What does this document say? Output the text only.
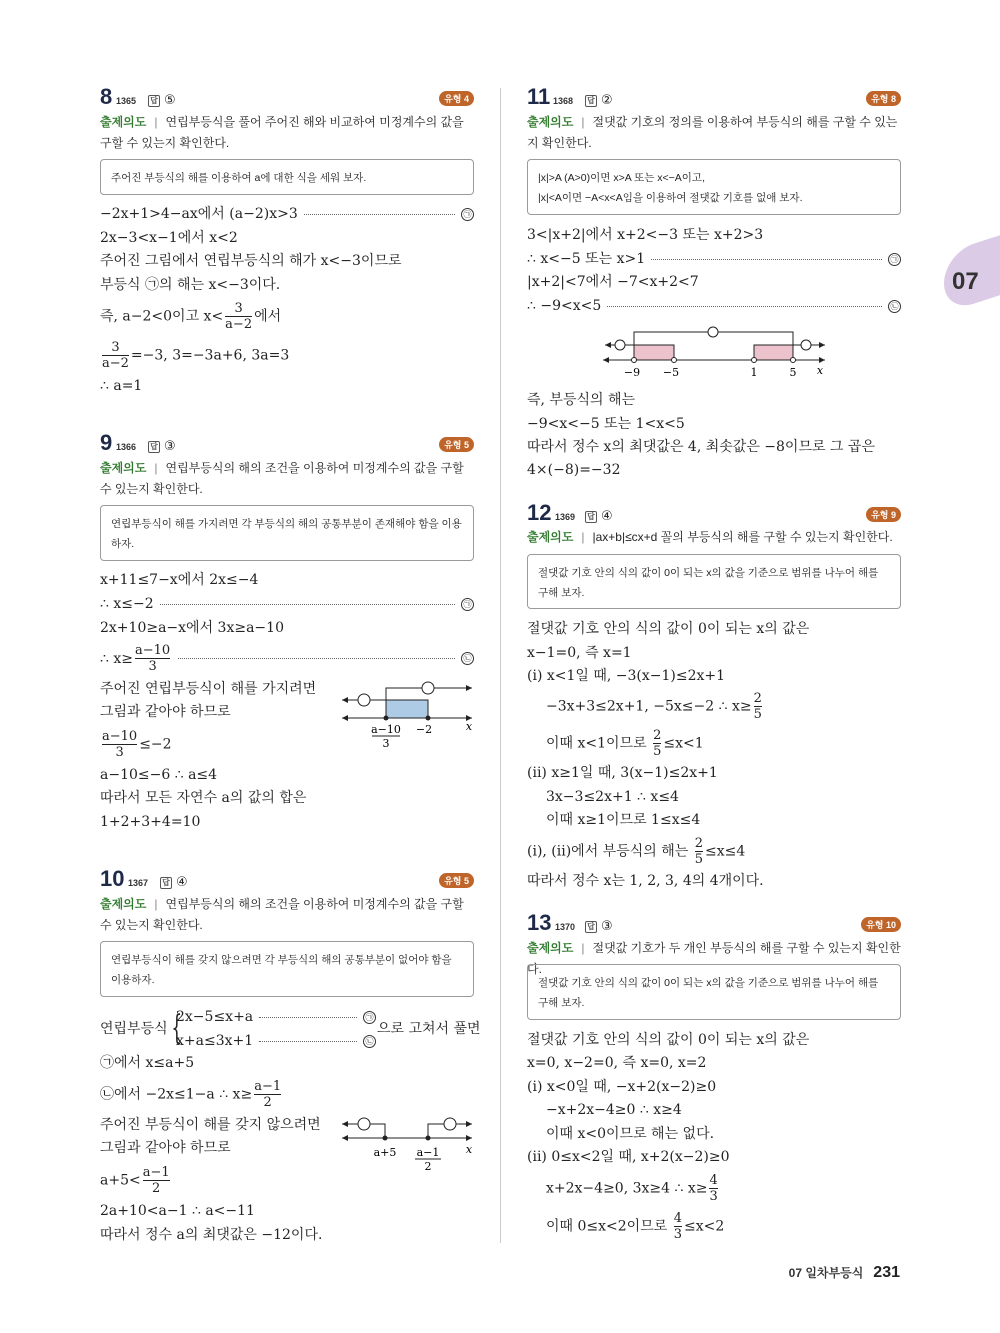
07
8 1365 답 ⑤	유형 4
출제의도 | 연립부등식을 풀어 주어진 해와 비교하여 미정계수의 값을 구할 수 있는지 확인한다.
주어진 부등식의 해를 이용하여 a에 대한 식을 세워 보자.
−2x+1>4−ax에서 (a−2)x>3	㉠
2x−3<x−1에서 x<2
주어진 그림에서 연립부등식의 해가 x<−3이므로
부등식 ㉠의 해는 x<−3이다.
즉, a−2<0이고 $x< \frac{3}{a-2}$ 에서
$\frac{3}{a-2} =-3$, 3=−3a+6, 3a=3
∴ a=1
9 1366 답 ③	유형 5
출제의도 | 연립부등식의 해의 조건을 이용하여 미정계수의 값을 구할 수 있는지 확인한다.
연립부등식이 해를 가지려면 각 부등식의 해의 공통부분이 존재해야 함을 이용하자.
x+11≤7−x에서 2x≤−4
∴ x≤−2	㉠
2x+10≥a−x에서 3x≥a−10
∴ $x\ge \frac{a-10}{3}$	㉡
주어진 연립부등식이 해를 가지려면
그림과 같아야 하므로
$\frac{a-10}{3} \le-2$
a−10≤−6 ∴ a≤4
따라서 모든 자연수 a의 값의 합은
1+2+3+4=10
a−10
3
−2	x
10 1367 답 ④	유형 5
출제의도 | 연립부등식의 해의 조건을 이용하여 미정계수의 값을 구할 수 있는지 확인한다.
연립부등식이 해를 갖지 않으려면 각 부등식의 해의 공통부분이 없어야 함을 이용하자.
연립부등식 {
2x−5≤x+a	㉠
x+a≤3x+1	㉡
으로 고쳐서 풀면
㉠에서 x≤a+5
㉡에서 −2x≤1−a ∴ $x\ge \frac{a-1}{2}$
주어진 부등식이 해를 갖지 않으려면
그림과 같아야 하므로
$a+5< \frac{a-1}{2}$
2a+10<a−1 ∴ a<−11
따라서 정수 a의 최댓값은 −12이다.
a+5 a−1
2
x
11 1368 답 ②	유형 8
출제의도 | 절댓값 기호의 정의를 이용하여 부등식의 해를 구할 수 있는지 확인한다.
|x|>A (A>0)이면 x>A 또는 x<−A이고,
|x|<A이면 −A<x<A임을 이용하여 절댓값 기호를 없애 보자.
3<|x+2|에서 x+2<−3 또는 x+2>3
∴ x<−5 또는 x>1	㉠
|x+2|<7에서 −7<x+2<7
∴ −9<x<5	㉡
−9 −5	1	5 x
즉, 부등식의 해는
−9<x<−5 또는 1<x<5
따라서 정수 x의 최댓값은 4, 최솟값은 −8이므로 그 곱은
4×(−8)=−32
12 1369 답 ④	유형 9
출제의도 | |ax+b|≤cx+d 꼴의 부등식의 해를 구할 수 있는지 확인한다.
절댓값 기호 안의 식의 값이 0이 되는 x의 값을 기준으로 범위를 나누어 해를 구해 보자.
절댓값 기호 안의 식의 값이 0이 되는 x의 값은
x−1=0, 즉 x=1
(i) x<1일 때, −3(x−1)≤2x+1
−3x+3≤2x+1, −5x≤−2 ∴ $x\ge \frac{2}{5}$
이때 x<1이므로 $\frac{2}{5} \le x<1$
(ii) x≥1일 때, 3(x−1)≤2x+1
3x−3≤2x+1 ∴ x≤4
이때 x≥1이므로 1≤x≤4
(i), (ii)에서 부등식의 해는 $\frac{2}{5} \le x\le 4$
따라서 정수 x는 1, 2, 3, 4의 4개이다.
13 1370 답 ③	유형 10
출제의도 | 절댓값 기호가 두 개인 부등식의 해를 구할 수 있는지 확인한다.
절댓값 기호 안의 식의 값이 0이 되는 x의 값을 기준으로 범위를 나누어 해를 구해 보자.
절댓값 기호 안의 식의 값이 0이 되는 x의 값은
x=0, x−2=0, 즉 x=0, x=2
(i) x<0일 때, −x+2(x−2)≥0
−x+2x−4≥0 ∴ x≥4
이때 x<0이므로 해는 없다.
(ii) 0≤x<2일 때, x+2(x−2)≥0
x+2x−4≥0, 3x≥4 ∴ $x\ge \frac{4}{3}$
이때 0≤x<2이므로 $\frac{4}{3} \le x<2$
07 일차부등식 231
